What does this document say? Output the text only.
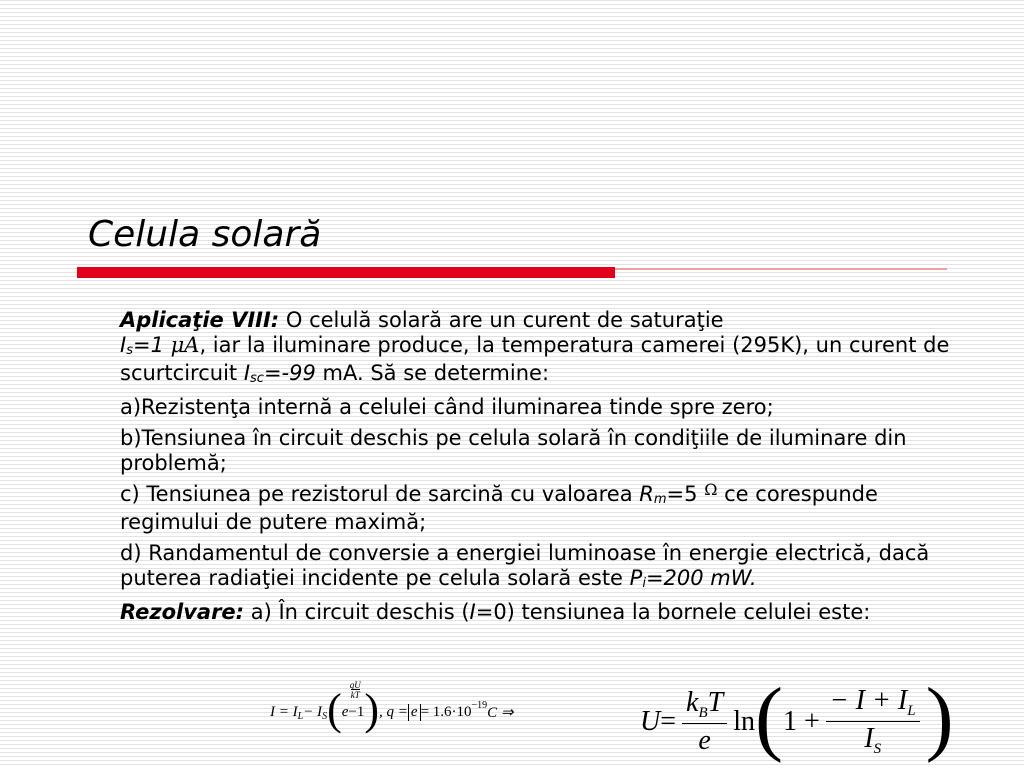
Celula solară

Aplicaţie VIII: O celulă solară are un curent de saturaţie
Is=1 μA, iar la iluminare produce, la temperatura camerei (295K), un curent de scurtcircuit Isc=-99 mA. Să se determine:

a)Rezistenţa internă a celulei când iluminarea tinde spre zero;

b)Tensiunea în circuit deschis pe celula solară în condiţiile de iluminare din problemă;

c) Tensiunea pe rezistorul de sarcină cu valoarea Rm=5 $^\Omega$ ce corespunde regimului de putere maximă;

d) Randamentul de conversie a energiei luminoase în energie electrică, dacă puterea radiaţiei incidente pe celula solară este Pi=200 mW.

Rezolvare: a) În circuit deschis (I=0) tensiunea la bornele celulei este:

I = I L − I S ( e
$\frac{qU}{kT}$
−1 ) , q = e = 1.6·10 −19 C ⇒	$U = \frac{k_BT}{e}$ ln ( $1 + \frac{- I + I_L}{I_S}$ )
